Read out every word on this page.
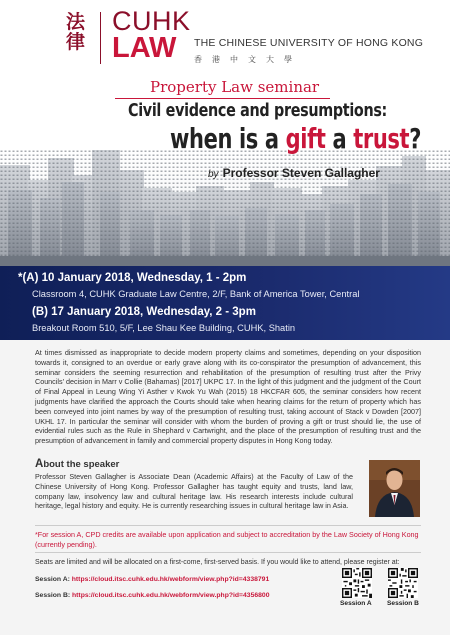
法律
CUHK
LAW THE CHINESE UNIVERSITY OF HONG KONG
香港中文大學
Property Law seminar
Civil evidence and presumptions:
when is a gift a trust?
by Professor Steven Gallagher
*(A) 10 January 2018, Wednesday, 1 - 2pm
Classroom 4, CUHK Graduate Law Centre, 2/F, Bank of America Tower, Central
(B) 17 January 2018, Wednesday, 2 - 3pm
Breakout Room 510, 5/F, Lee Shau Kee Building, CUHK, Shatin
At times dismissed as inappropriate to decide modern property claims and sometimes, depending on your disposition towards it, consigned to an overdue or early grave along with its co-conspirator the presumption of advancement, this seminar considers the seeming resurrection and rehabilitation of the presumption of resulting trust after the Privy Councils' decision in Marr v Collie (Bahamas) [2017] UKPC 17. In the light of this judgment and the judgment of the Court of Final Appeal in Leung Wing Yi Asther v Kwok Yu Wah (2015) 18 HKCFAR 605, the seminar considers how recent judgments have clarified the approach the Courts should take when hearing claims for the return of property which has been conveyed into joint names by way of the presumption of resulting trust, taking account of Stack v Dowden [2007] UKHL 17. In particular the seminar will consider with whom the burden of proving a gift or trust should lie, the use of evidential rules such as the Rule in Shephard v Cartwright, and the place of the presumption of resulting trust and the presumption of advancement in family and commercial property disputes in Hong Kong today.
About the speaker
Professor Steven Gallagher is Associate Dean (Academic Affairs) at the Faculty of Law of the Chinese University of Hong Kong. Professor Gallagher has taught equity and trusts, land law, company law, insolvency law and cultural heritage law. His research interests include cultural heritage, legal history and equity. He is currently researching issues in cultural heritage law in Asia.
*For session A, CPD credits are available upon application and subject to accreditation by the Law Society of Hong Kong (currently pending).
Seats are limited and will be allocated on a first-come, first-served basis. If you would like to attend, please register at:
Session A: https://cloud.itsc.cuhk.edu.hk/webform/view.php?id=4338791
Session B: https://cloud.itsc.cuhk.edu.hk/webform/view.php?id=4356800
Session A Session B
